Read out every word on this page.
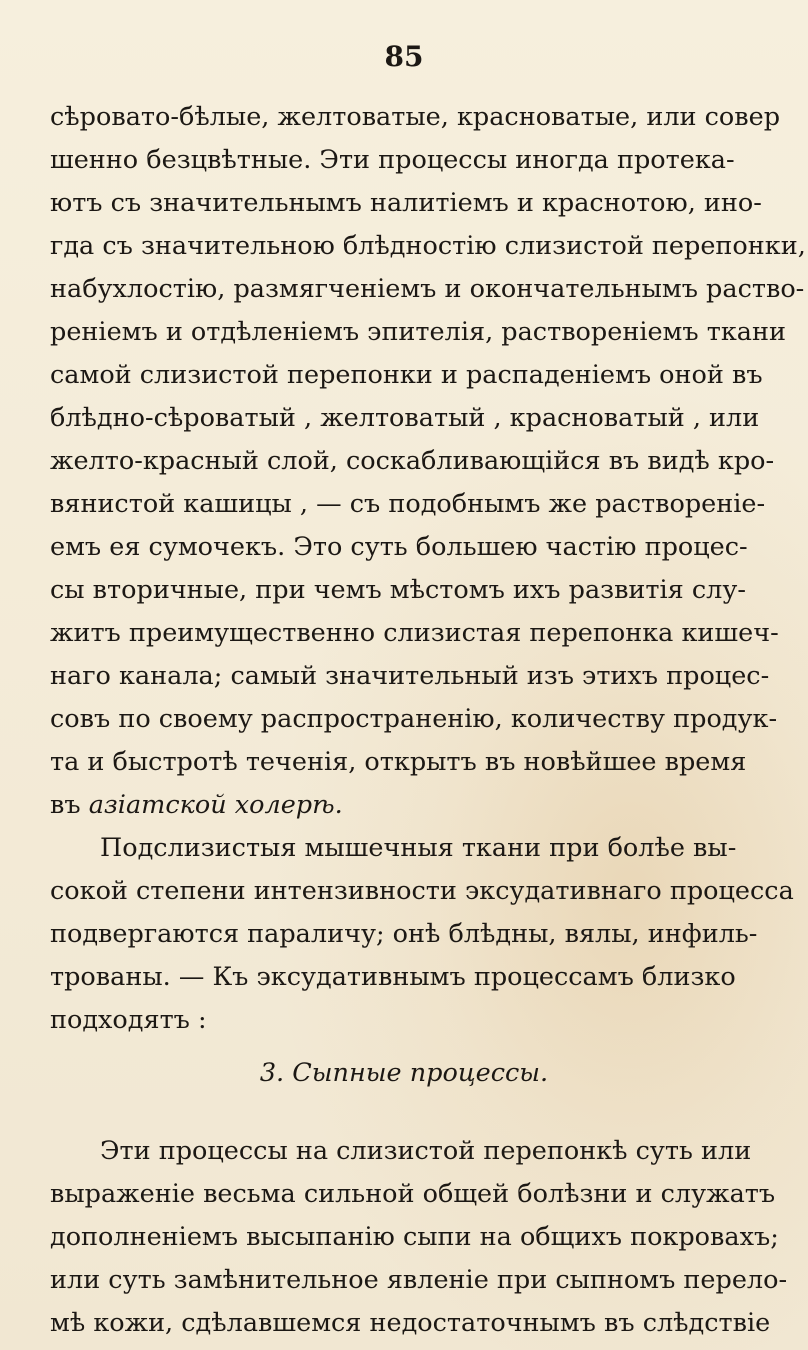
85
сѣровато-бѣлые, желтоватые, красноватые, или совер
шенно безцвѣтные. Эти процессы иногда протека-
ютъ съ значительнымъ налитіемъ и краснотою, ино-
гда съ значительною блѣдностію слизистой перепонки,
набухлостію, размягченіемъ и окончательнымъ раство-
реніемъ и отдѣленіемъ эпителія, раствореніемъ ткани
самой слизистой перепонки и распаденіемъ оной въ
блѣдно-сѣроватый , желтоватый , красноватый , или
желто-красный слой, соскабливающійся въ видѣ кро-
вянистой кашицы , — съ подобнымъ же раствореніе-
емъ ея сумочекъ. Это суть большею частію процес-
сы вторичные, при чемъ мѣстомъ ихъ развитія слу-
житъ преимущественно слизистая перепонка кишеч-
наго канала; самый значительный изъ этихъ процес-
совъ по своему распространенію, количеству продук-
та и быстротѣ теченія, открытъ въ новѣйшее время
въ азіатской холерѣ.
Подслизистыя мышечныя ткани при болѣе вы-
сокой степени интензивности эксудативнаго процесса
подвергаются параличу; онѣ блѣдны, вялы, инфиль-
трованы. — Къ эксудативнымъ процессамъ близко
подходятъ :
3. Сыпные процессы.
Эти процессы на слизистой перепонкѣ суть или
выраженіе весьма сильной общей болѣзни и служатъ
дополненіемъ высыпанію сыпи на общихъ покровахъ;
или суть замѣнительное явленіе при сыпномъ перело-
мѣ кожи, сдѣлавшемся недостаточнымъ въ слѣдствіе
